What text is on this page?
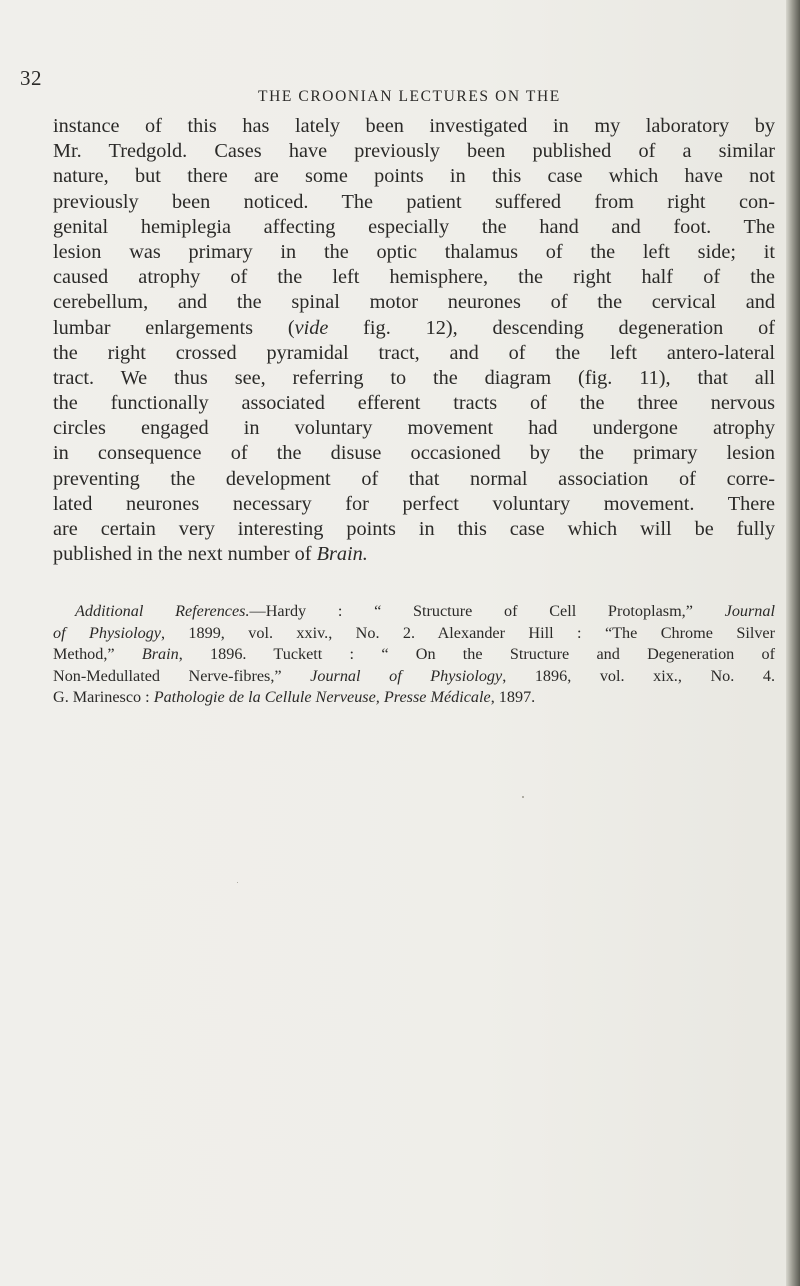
32
THE CROONIAN LECTURES ON THE
instance of this has lately been investigated in my laboratory by
Mr. Tredgold. Cases have previously been published of a similar
nature, but there are some points in this case which have not
previously been noticed. The patient suffered from right con-
genital hemiplegia affecting especially the hand and foot. The
lesion was primary in the optic thalamus of the left side; it
caused atrophy of the left hemisphere, the right half of the
cerebellum, and the spinal motor neurones of the cervical and
lumbar enlargements (vide fig. 12), descending degeneration of
the right crossed pyramidal tract, and of the left antero-lateral
tract. We thus see, referring to the diagram (fig. 11), that all
the functionally associated efferent tracts of the three nervous
circles engaged in voluntary movement had undergone atrophy
in consequence of the disuse occasioned by the primary lesion
preventing the development of that normal association of corre-
lated neurones necessary for perfect voluntary movement. There
are certain very interesting points in this case which will be fully
published in the next number of Brain.
Additional References.—Hardy : “ Structure of Cell Protoplasm,” Journal
of Physiology, 1899, vol. xxiv., No. 2. Alexander Hill : “The Chrome Silver
Method,” Brain, 1896. Tuckett : “ On the Structure and Degeneration of
Non-Medullated Nerve-fibres,” Journal of Physiology, 1896, vol. xix., No. 4.
G. Marinesco : Pathologie de la Cellule Nerveuse, Presse Médicale, 1897.
